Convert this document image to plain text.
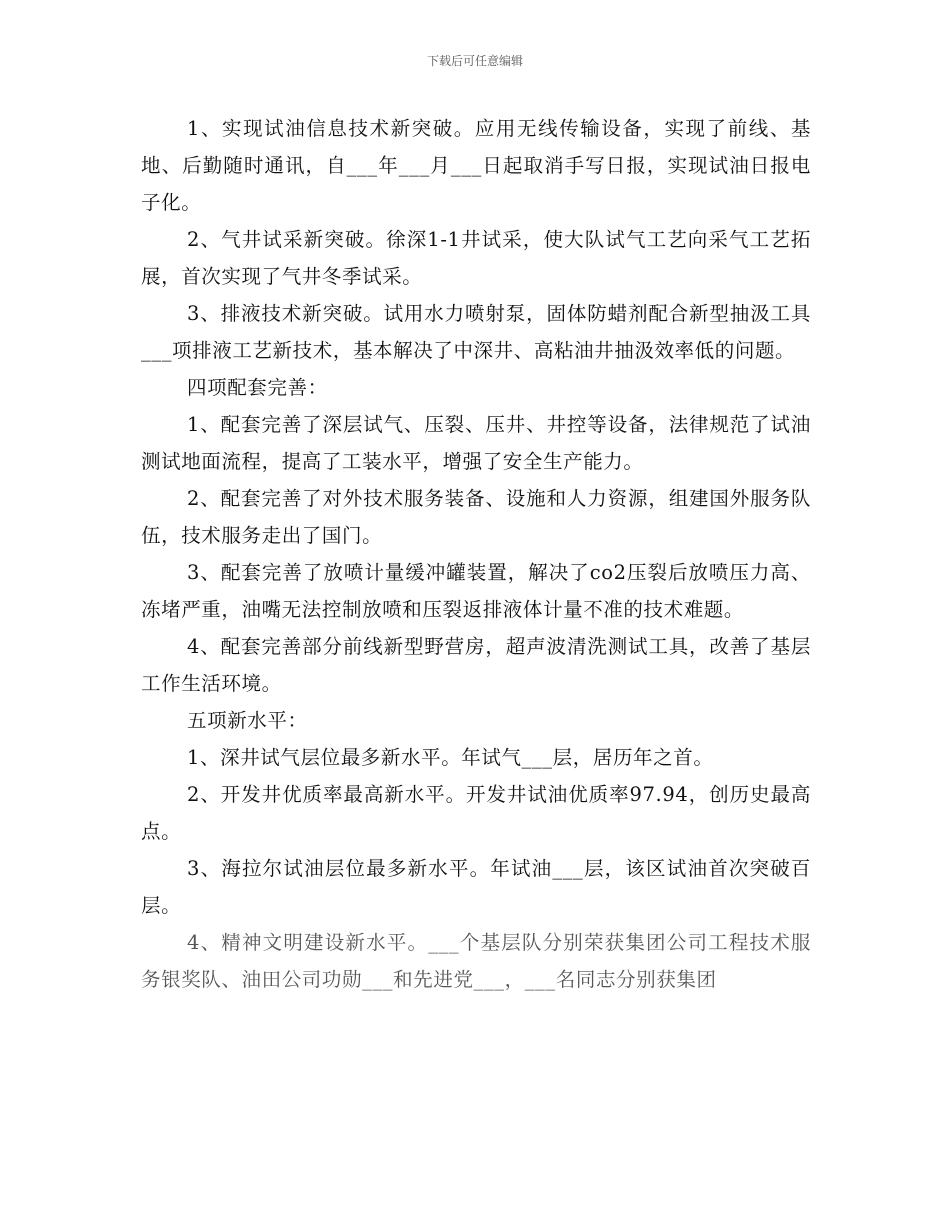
下载后可任意编辑

1、实现试油信息技术新突破。应用无线传输设备，实现了前线、基地、后勤随时通讯，自___年___月___日起取消手写日报，实现试油日报电子化。

2、气井试采新突破。徐深1-1井试采，使大队试气工艺向采气工艺拓展，首次实现了气井冬季试采。

3、排液技术新突破。试用水力喷射泵，固体防蜡剂配合新型抽汲工具___项排液工艺新技术，基本解决了中深井、高粘油井抽汲效率低的问题。

四项配套完善：

1、配套完善了深层试气、压裂、压井、井控等设备，法律规范了试油测试地面流程，提高了工装水平，增强了安全生产能力。

2、配套完善了对外技术服务装备、设施和人力资源，组建国外服务队伍，技术服务走出了国门。

3、配套完善了放喷计量缓冲罐装置，解决了co2压裂后放喷压力高、冻堵严重，油嘴无法控制放喷和压裂返排液体计量不准的技术难题。

4、配套完善部分前线新型野营房，超声波清洗测试工具，改善了基层工作生活环境。

五项新水平：

1、深井试气层位最多新水平。年试气___层，居历年之首。

2、开发井优质率最高新水平。开发井试油优质率97.94，创历史最高点。

3、海拉尔试油层位最多新水平。年试油___层，该区试油首次突破百层。

4、精神文明建设新水平。___个基层队分别荣获集团公司工程技术服务银奖队、油田公司功勋___和先进党___，___名同志分别获集团
